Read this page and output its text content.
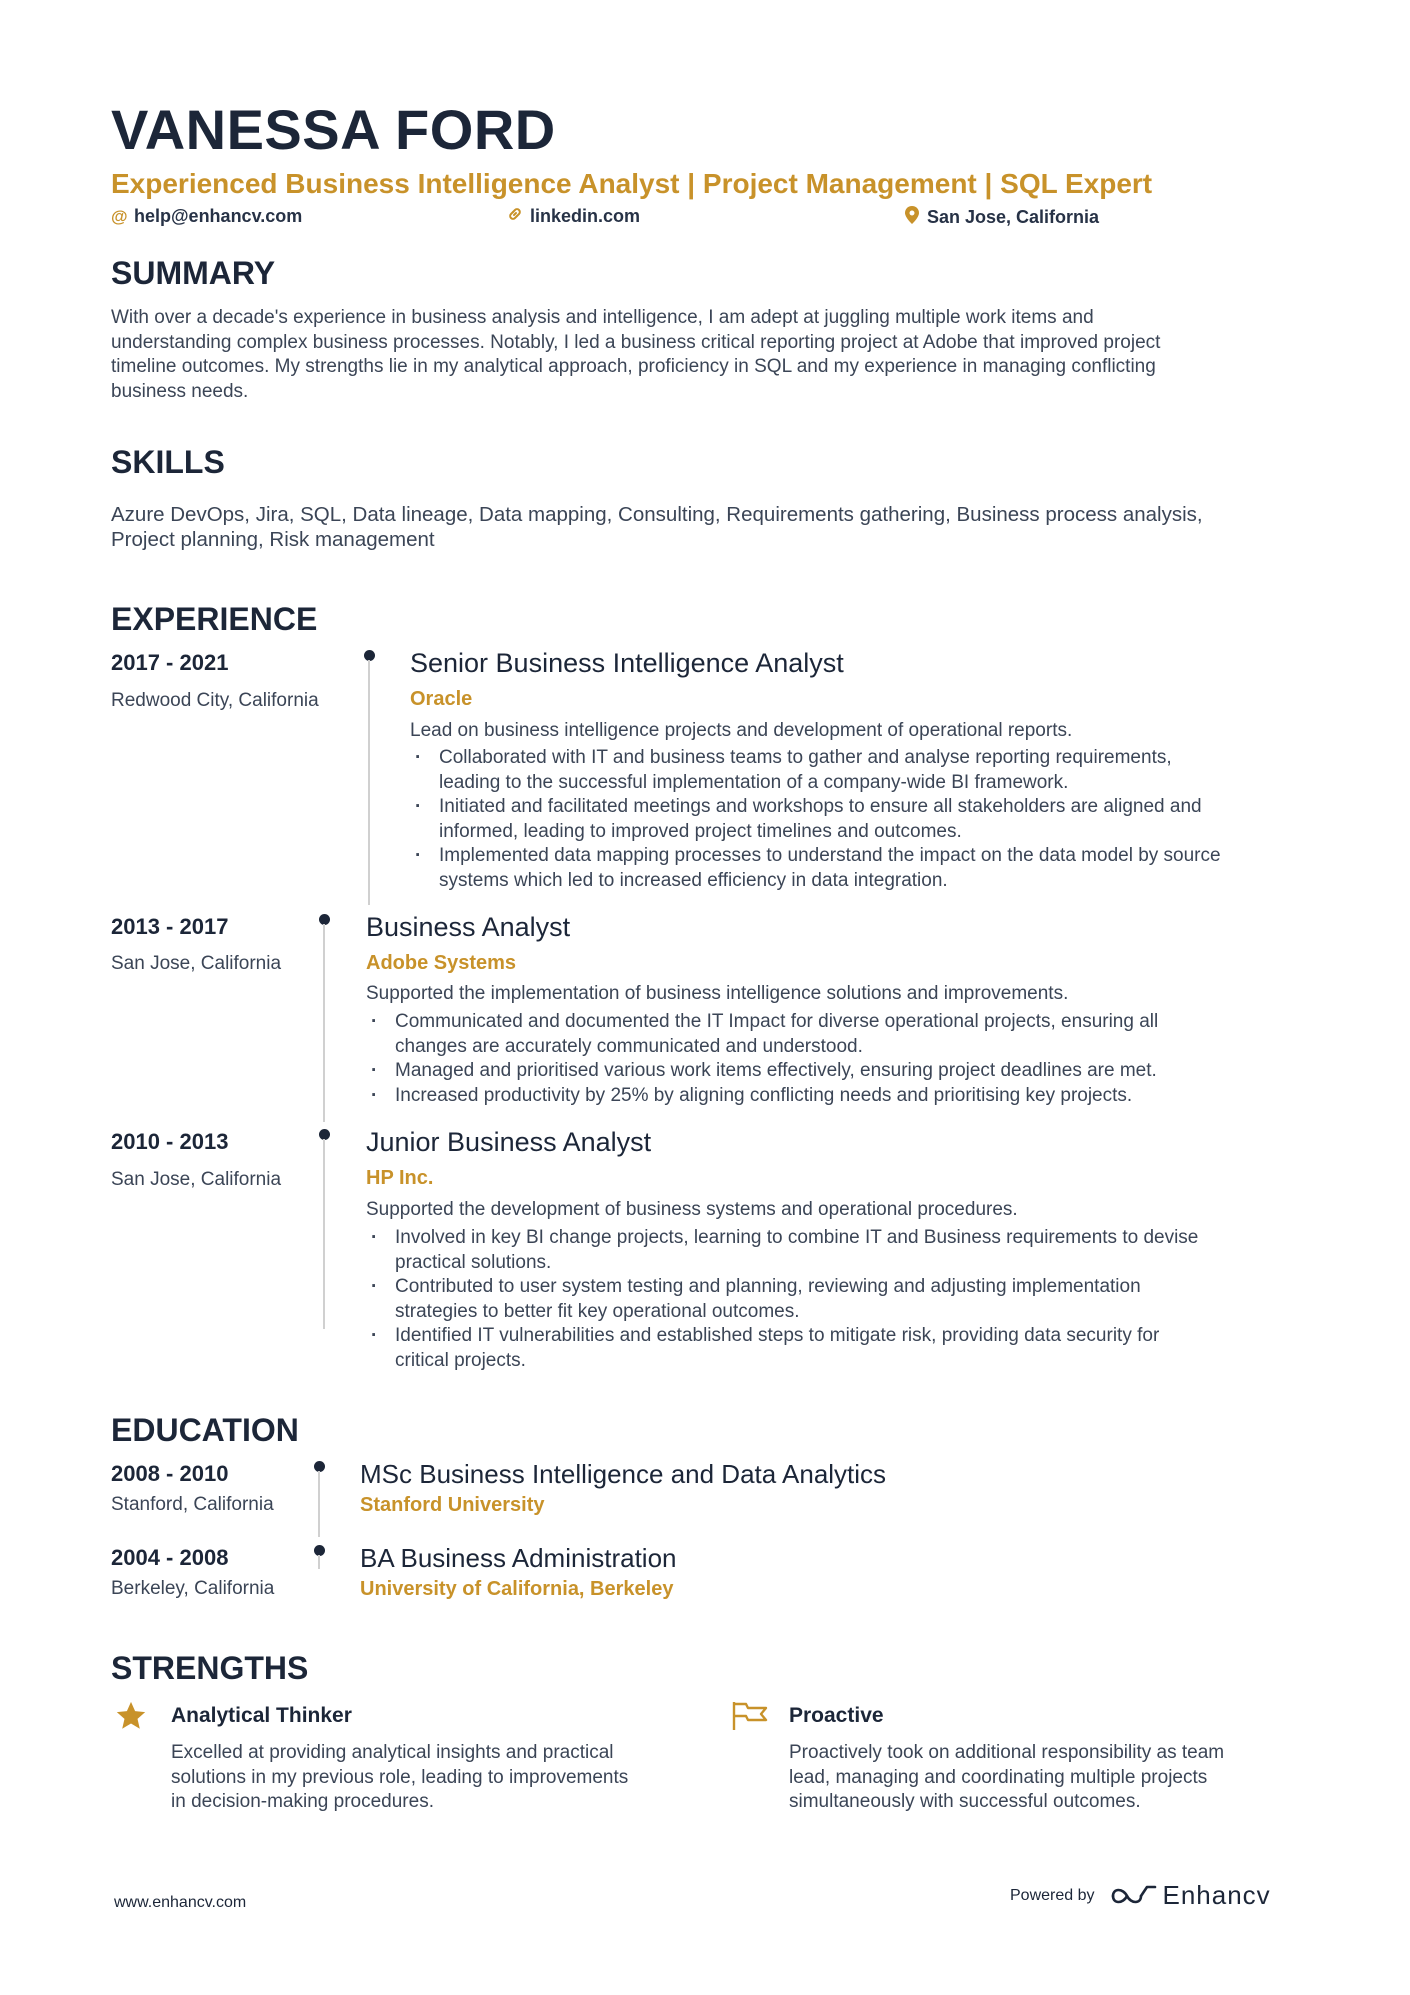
VANESSA FORD
Experienced Business Intelligence Analyst | Project Management | SQL Expert
@ help@enhancv.com	linkedin.com	San Jose, California
SUMMARY
With over a decade's experience in business analysis and intelligence, I am adept at juggling multiple work items and
understanding complex business processes. Notably, I led a business critical reporting project at Adobe that improved project
timeline outcomes. My strengths lie in my analytical approach, proficiency in SQL and my experience in managing conflicting
business needs.
SKILLS
Azure DevOps, Jira, SQL, Data lineage, Data mapping, Consulting, Requirements gathering, Business process analysis,
Project planning, Risk management
EXPERIENCE
2017 - 2021
Redwood City, California
Senior Business Intelligence Analyst
Oracle
Lead on business intelligence projects and development of operational reports.
· Collaborated with IT and business teams to gather and analyse reporting requirements,
leading to the successful implementation of a company-wide BI framework.
· Initiated and facilitated meetings and workshops to ensure all stakeholders are aligned and
informed, leading to improved project timelines and outcomes.
· Implemented data mapping processes to understand the impact on the data model by source
systems which led to increased efficiency in data integration.
2013 - 2017
San Jose, California
Business Analyst
Adobe Systems
Supported the implementation of business intelligence solutions and improvements.
· Communicated and documented the IT Impact for diverse operational projects, ensuring all
changes are accurately communicated and understood.
· Managed and prioritised various work items effectively, ensuring project deadlines are met.
· Increased productivity by 25% by aligning conflicting needs and prioritising key projects.
2010 - 2013
San Jose, California
Junior Business Analyst
HP Inc.
Supported the development of business systems and operational procedures.
· Involved in key BI change projects, learning to combine IT and Business requirements to devise
practical solutions.
· Contributed to user system testing and planning, reviewing and adjusting implementation
strategies to better fit key operational outcomes.
· Identified IT vulnerabilities and established steps to mitigate risk, providing data security for
critical projects.
EDUCATION
2008 - 2010
Stanford, California
MSc Business Intelligence and Data Analytics
Stanford University
2004 - 2008
Berkeley, California
BA Business Administration
University of California, Berkeley
STRENGTHS
Analytical Thinker
Excelled at providing analytical insights and practical
solutions in my previous role, leading to improvements
in decision-making procedures.
Proactive
Proactively took on additional responsibility as team
lead, managing and coordinating multiple projects
simultaneously with successful outcomes.
www.enhancv.com	Powered by	Enhancv
